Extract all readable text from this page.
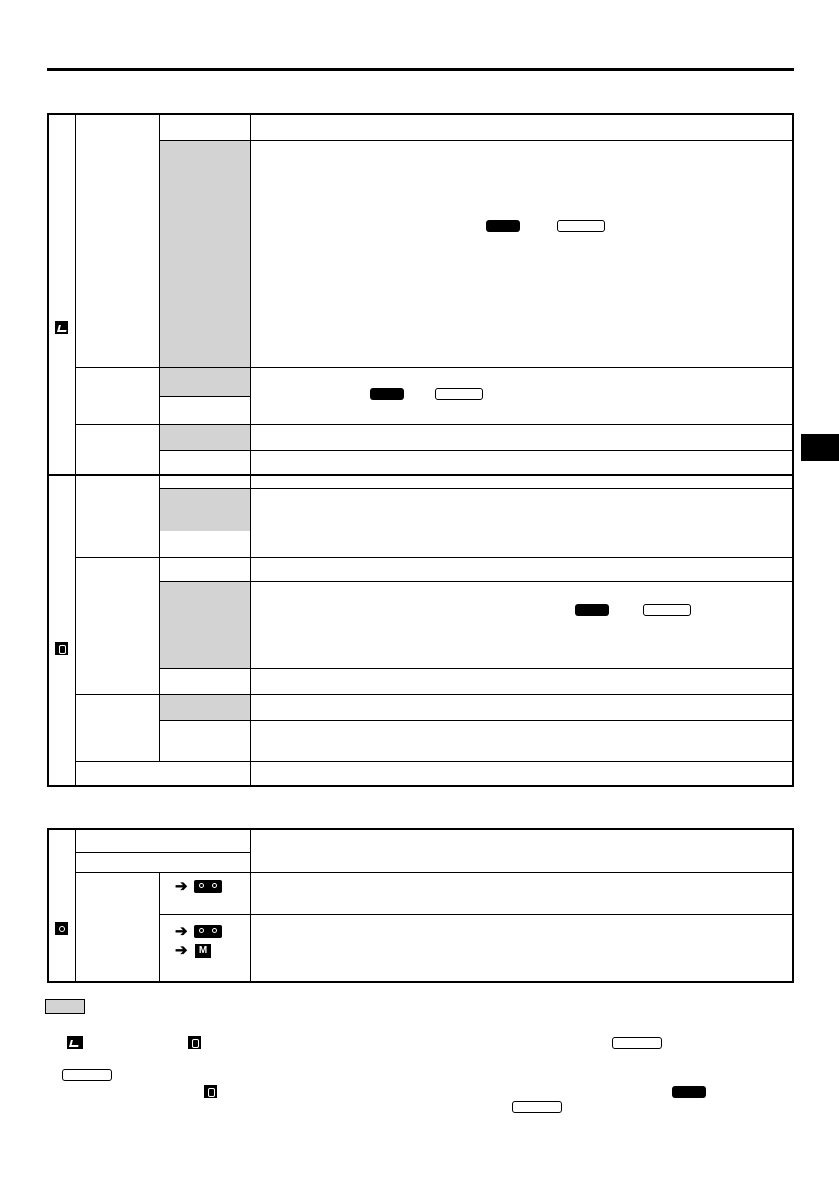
➔
➔
➔	M
